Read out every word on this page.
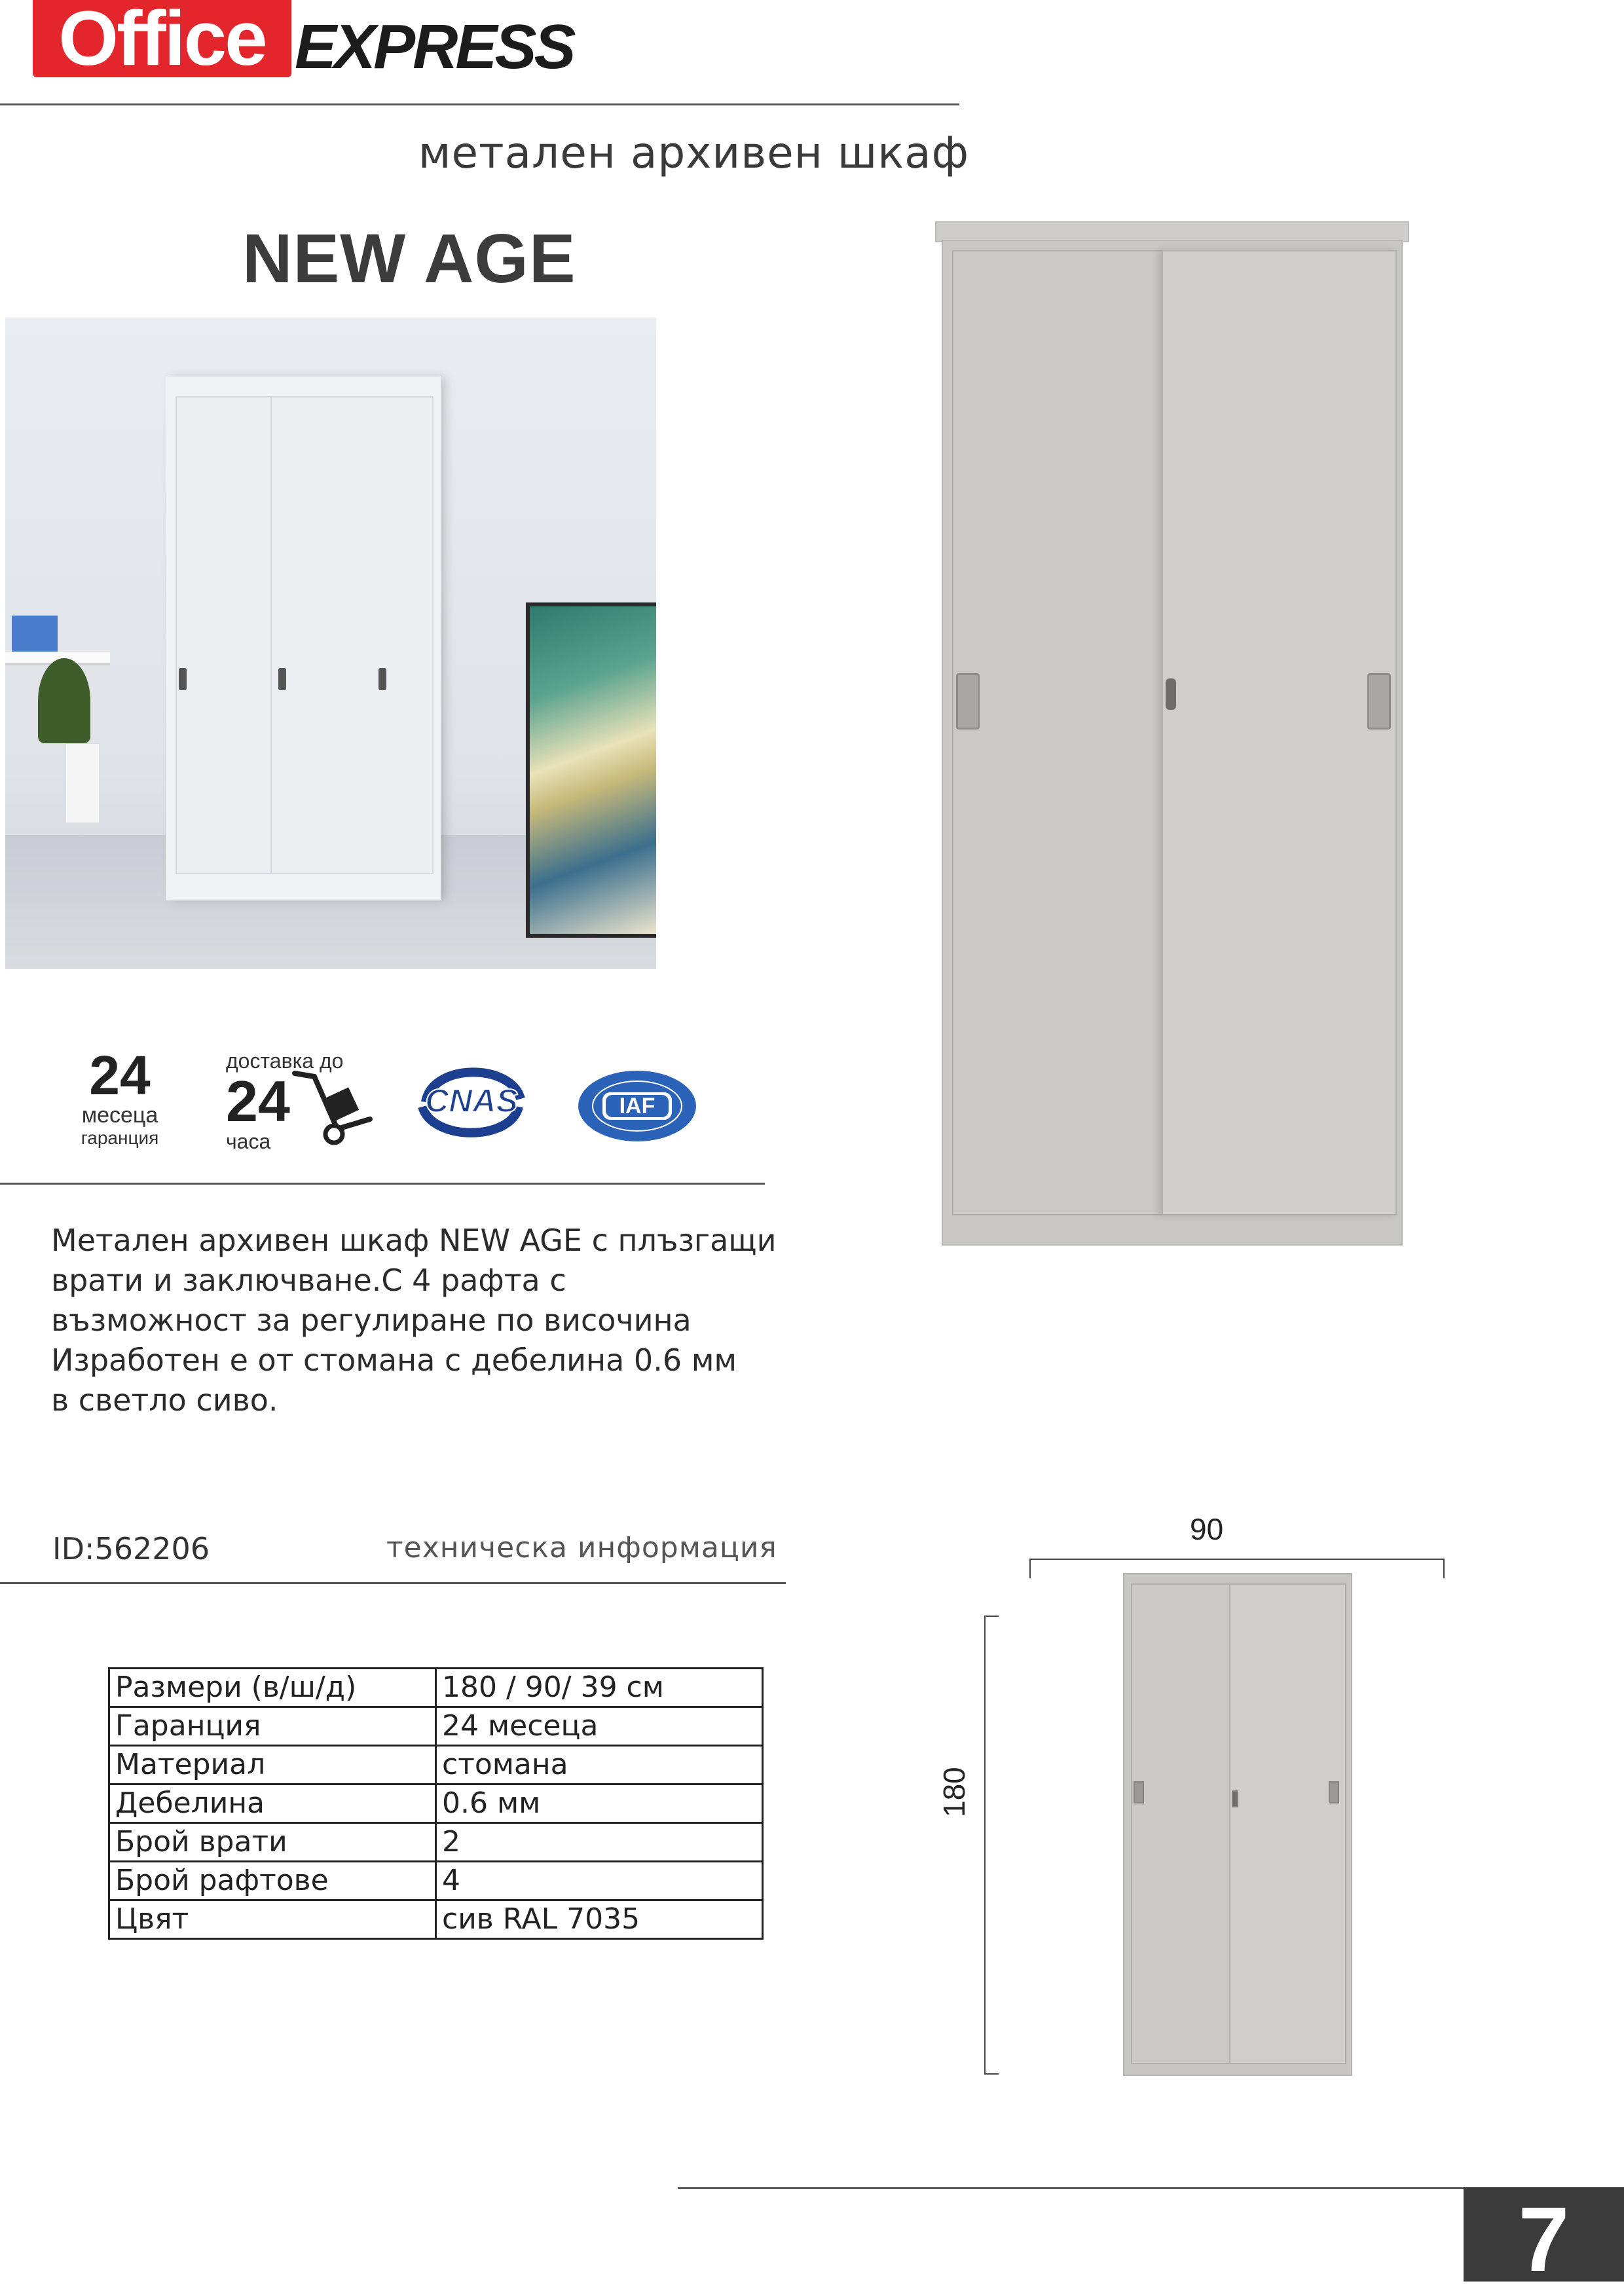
Office EXPRESS
метален архивен шкаф
NEW AGE
24
месеца
гаранция
доставка до
24
часа
CNAS	IAF
Метален архивен шкаф NEW AGE с плъзгащи
врати и заключване.С 4 рафта с
възможност за регулиране по височина
Изработен е от стомана с дебелина 0.6 мм
в светло сиво.
ID:562206	техническа информация
Размери (в/ш/д)	180 / 90/ 39 см
Гаранция	24 месеца
Материал	стомана
Дебелина	0.6 мм
Брой врати	2
Брой рафтове	4
Цвят	сив RAL 7035
90
180
7
